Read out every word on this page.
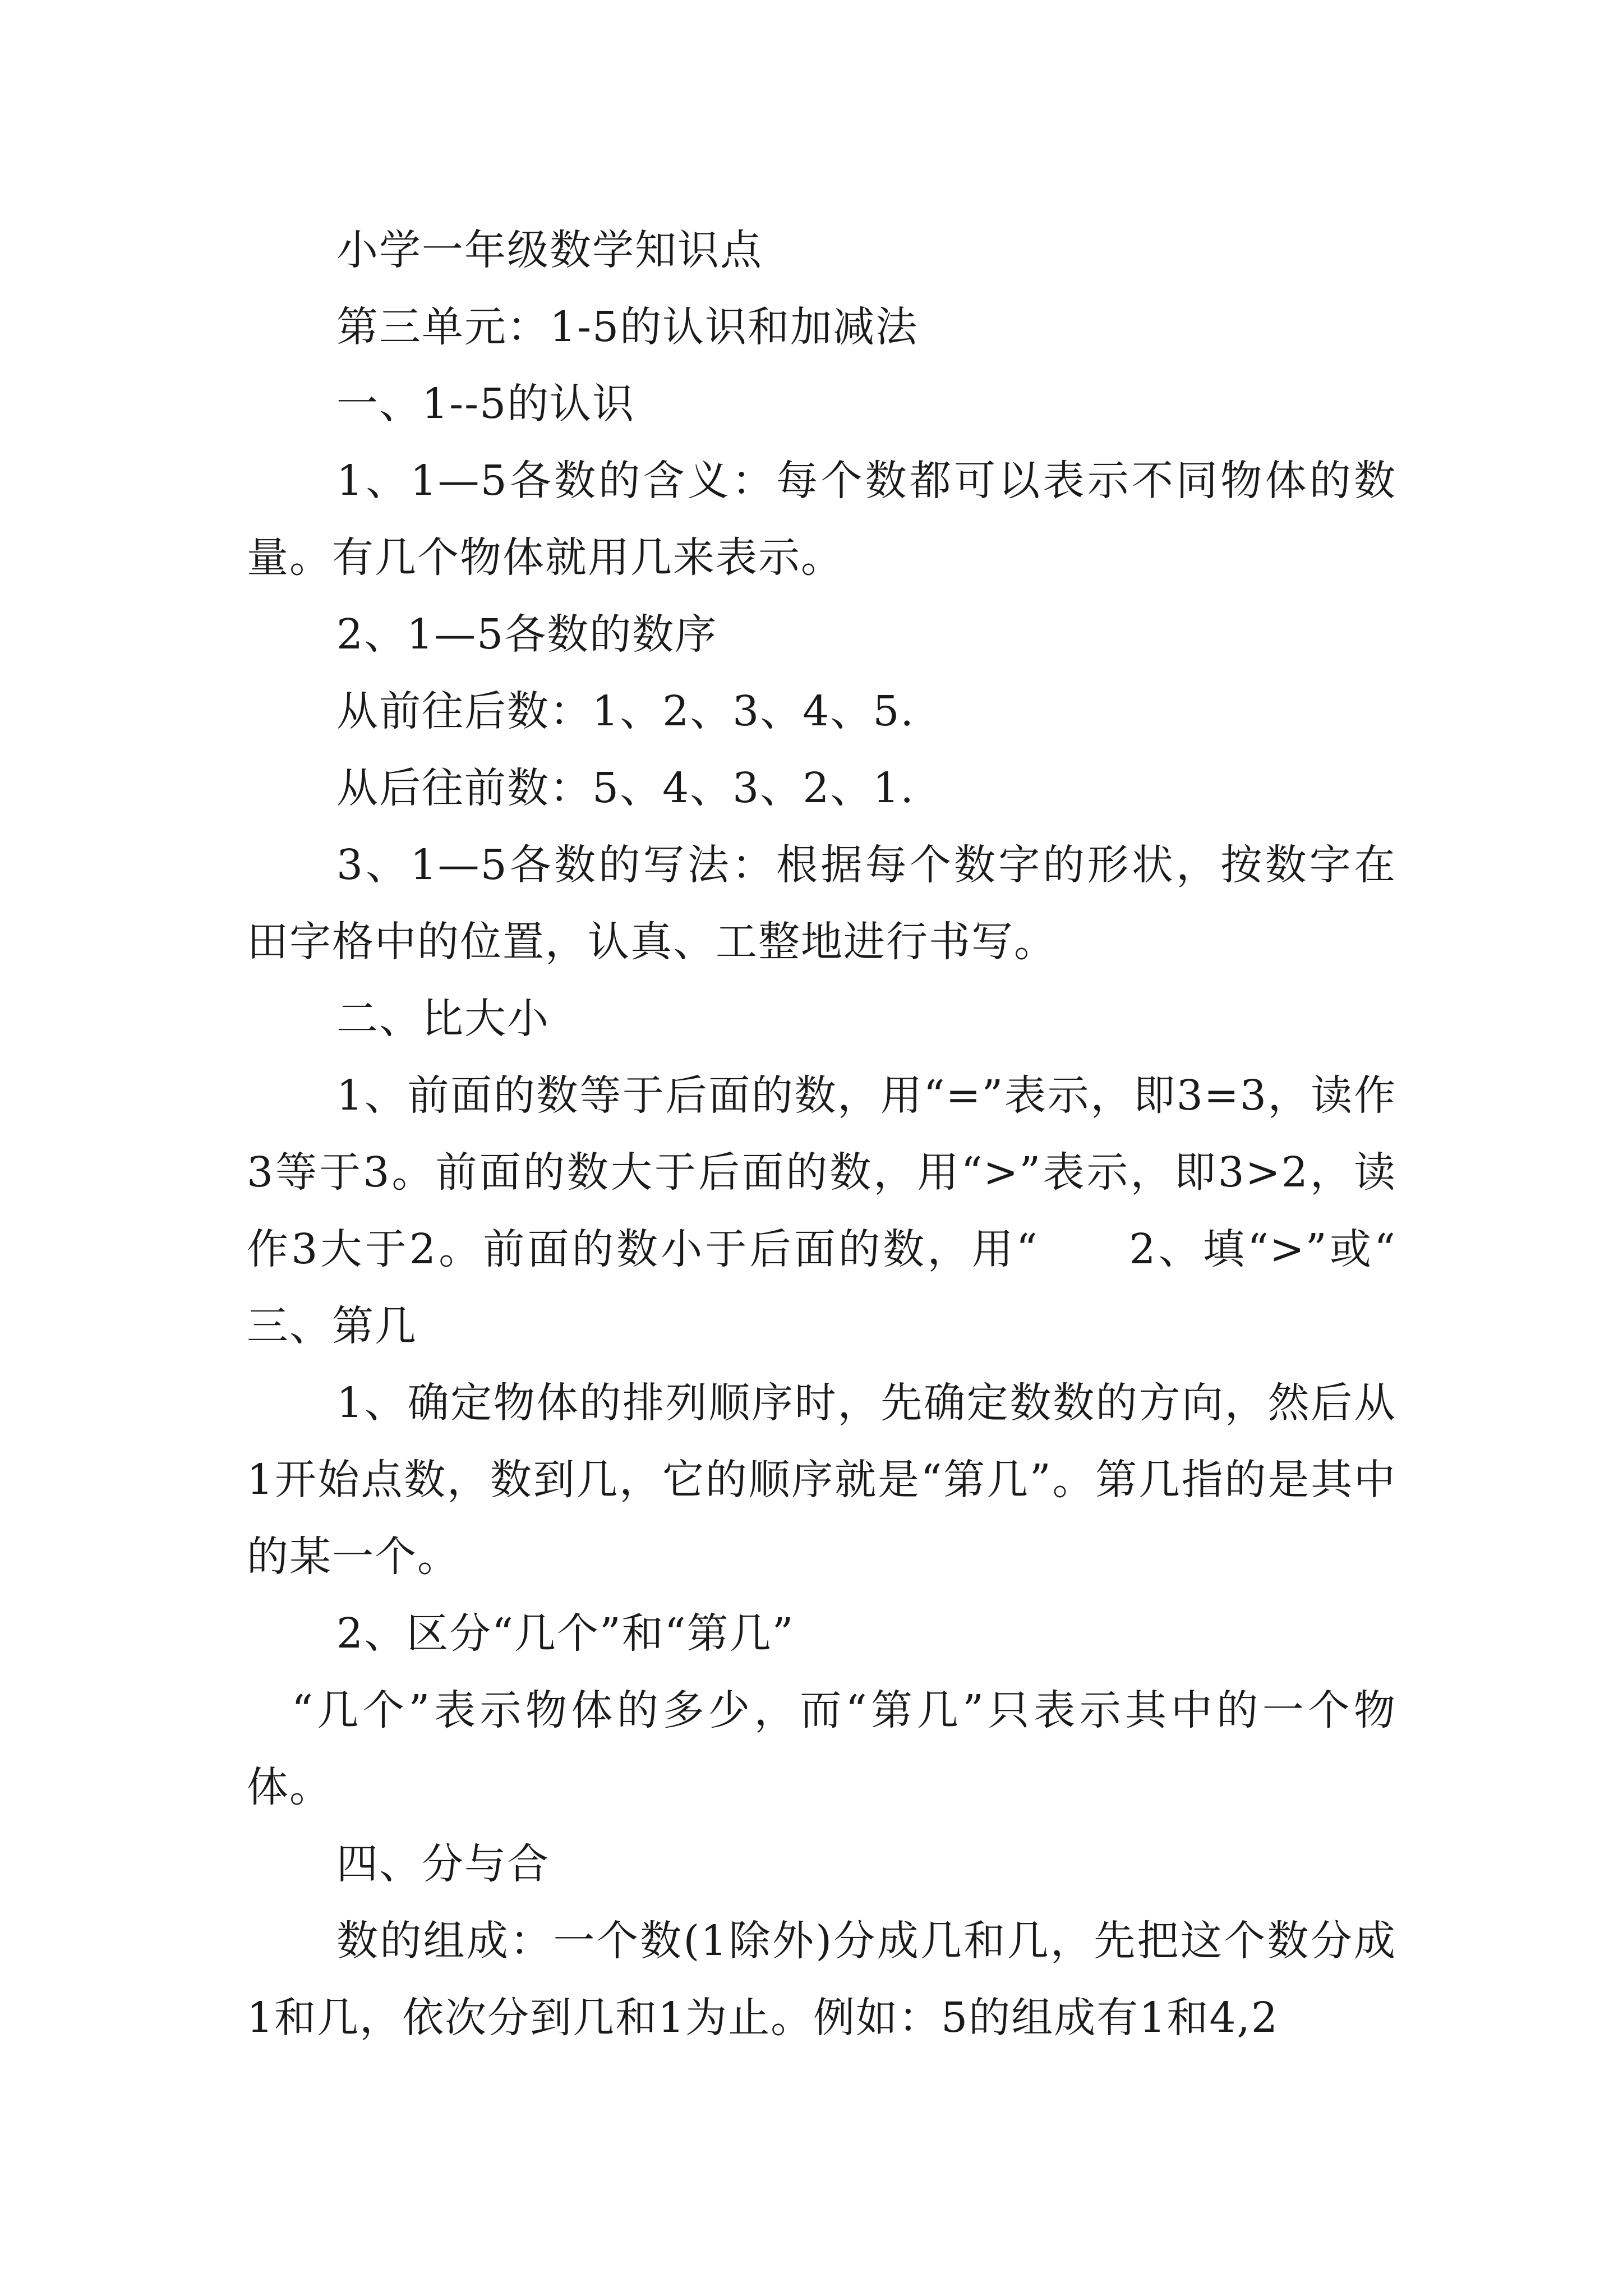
小学一年级数学知识点

第三单元：1-5的认识和加减法

一、1--5的认识

1、1—5各数的含义：每个数都可以表示不同物体的数量。有几个物体就用几来表示。

2、1—5各数的数序

从前往后数：1、2、3、4、5.

从后往前数：5、4、3、2、1.

3、1—5各数的写法：根据每个数字的形状，按数字在田字格中的位置，认真、工整地进行书写。

二、比大小

1、前面的数等于后面的数，用“=”表示，即3=3，读作3等于3。前面的数大于后面的数，用“>”表示，即3>2，读作3大于2。前面的数小于后面的数，用“　　2、填“>”或“　　三、第几

1、确定物体的排列顺序时，先确定数数的方向，然后从1开始点数，数到几，它的顺序就是“第几”。第几指的是其中的某一个。

2、区分“几个”和“第几”

“几个”表示物体的多少，而“第几”只表示其中的一个物体。

四、分与合

数的组成：一个数(1除外)分成几和几，先把这个数分成1和几，依次分到几和1为止。例如：5的组成有1和4,2
